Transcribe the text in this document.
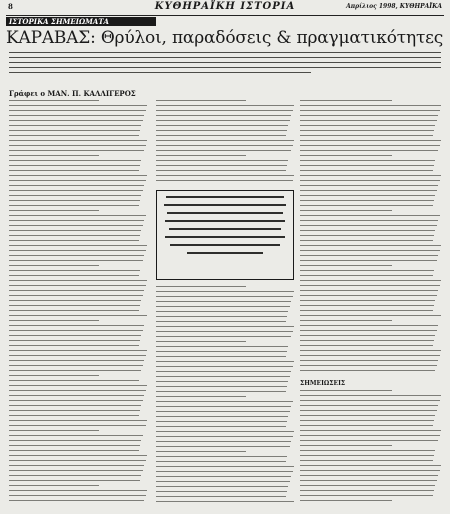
8	ΚΥΘΗΡΑΪΚΗ ΙΣΤΟΡΙΑ	Απρίλιος 1998, ΚΥΘΗΡΑΪΚΑ
ΙΣΤΟΡΙΚΑ ΣΗΜΕΙΩΜΑΤΑ
ΚΑΡΑΒΑΣ: Θρύλοι, παραδόσεις & πραγματικότητες
Γράφει ο ΜΑΝ. Π. ΚΑΛΛΙΓΕΡΟΣ
ΣΗΜΕΙΩΣΕΙΣ
